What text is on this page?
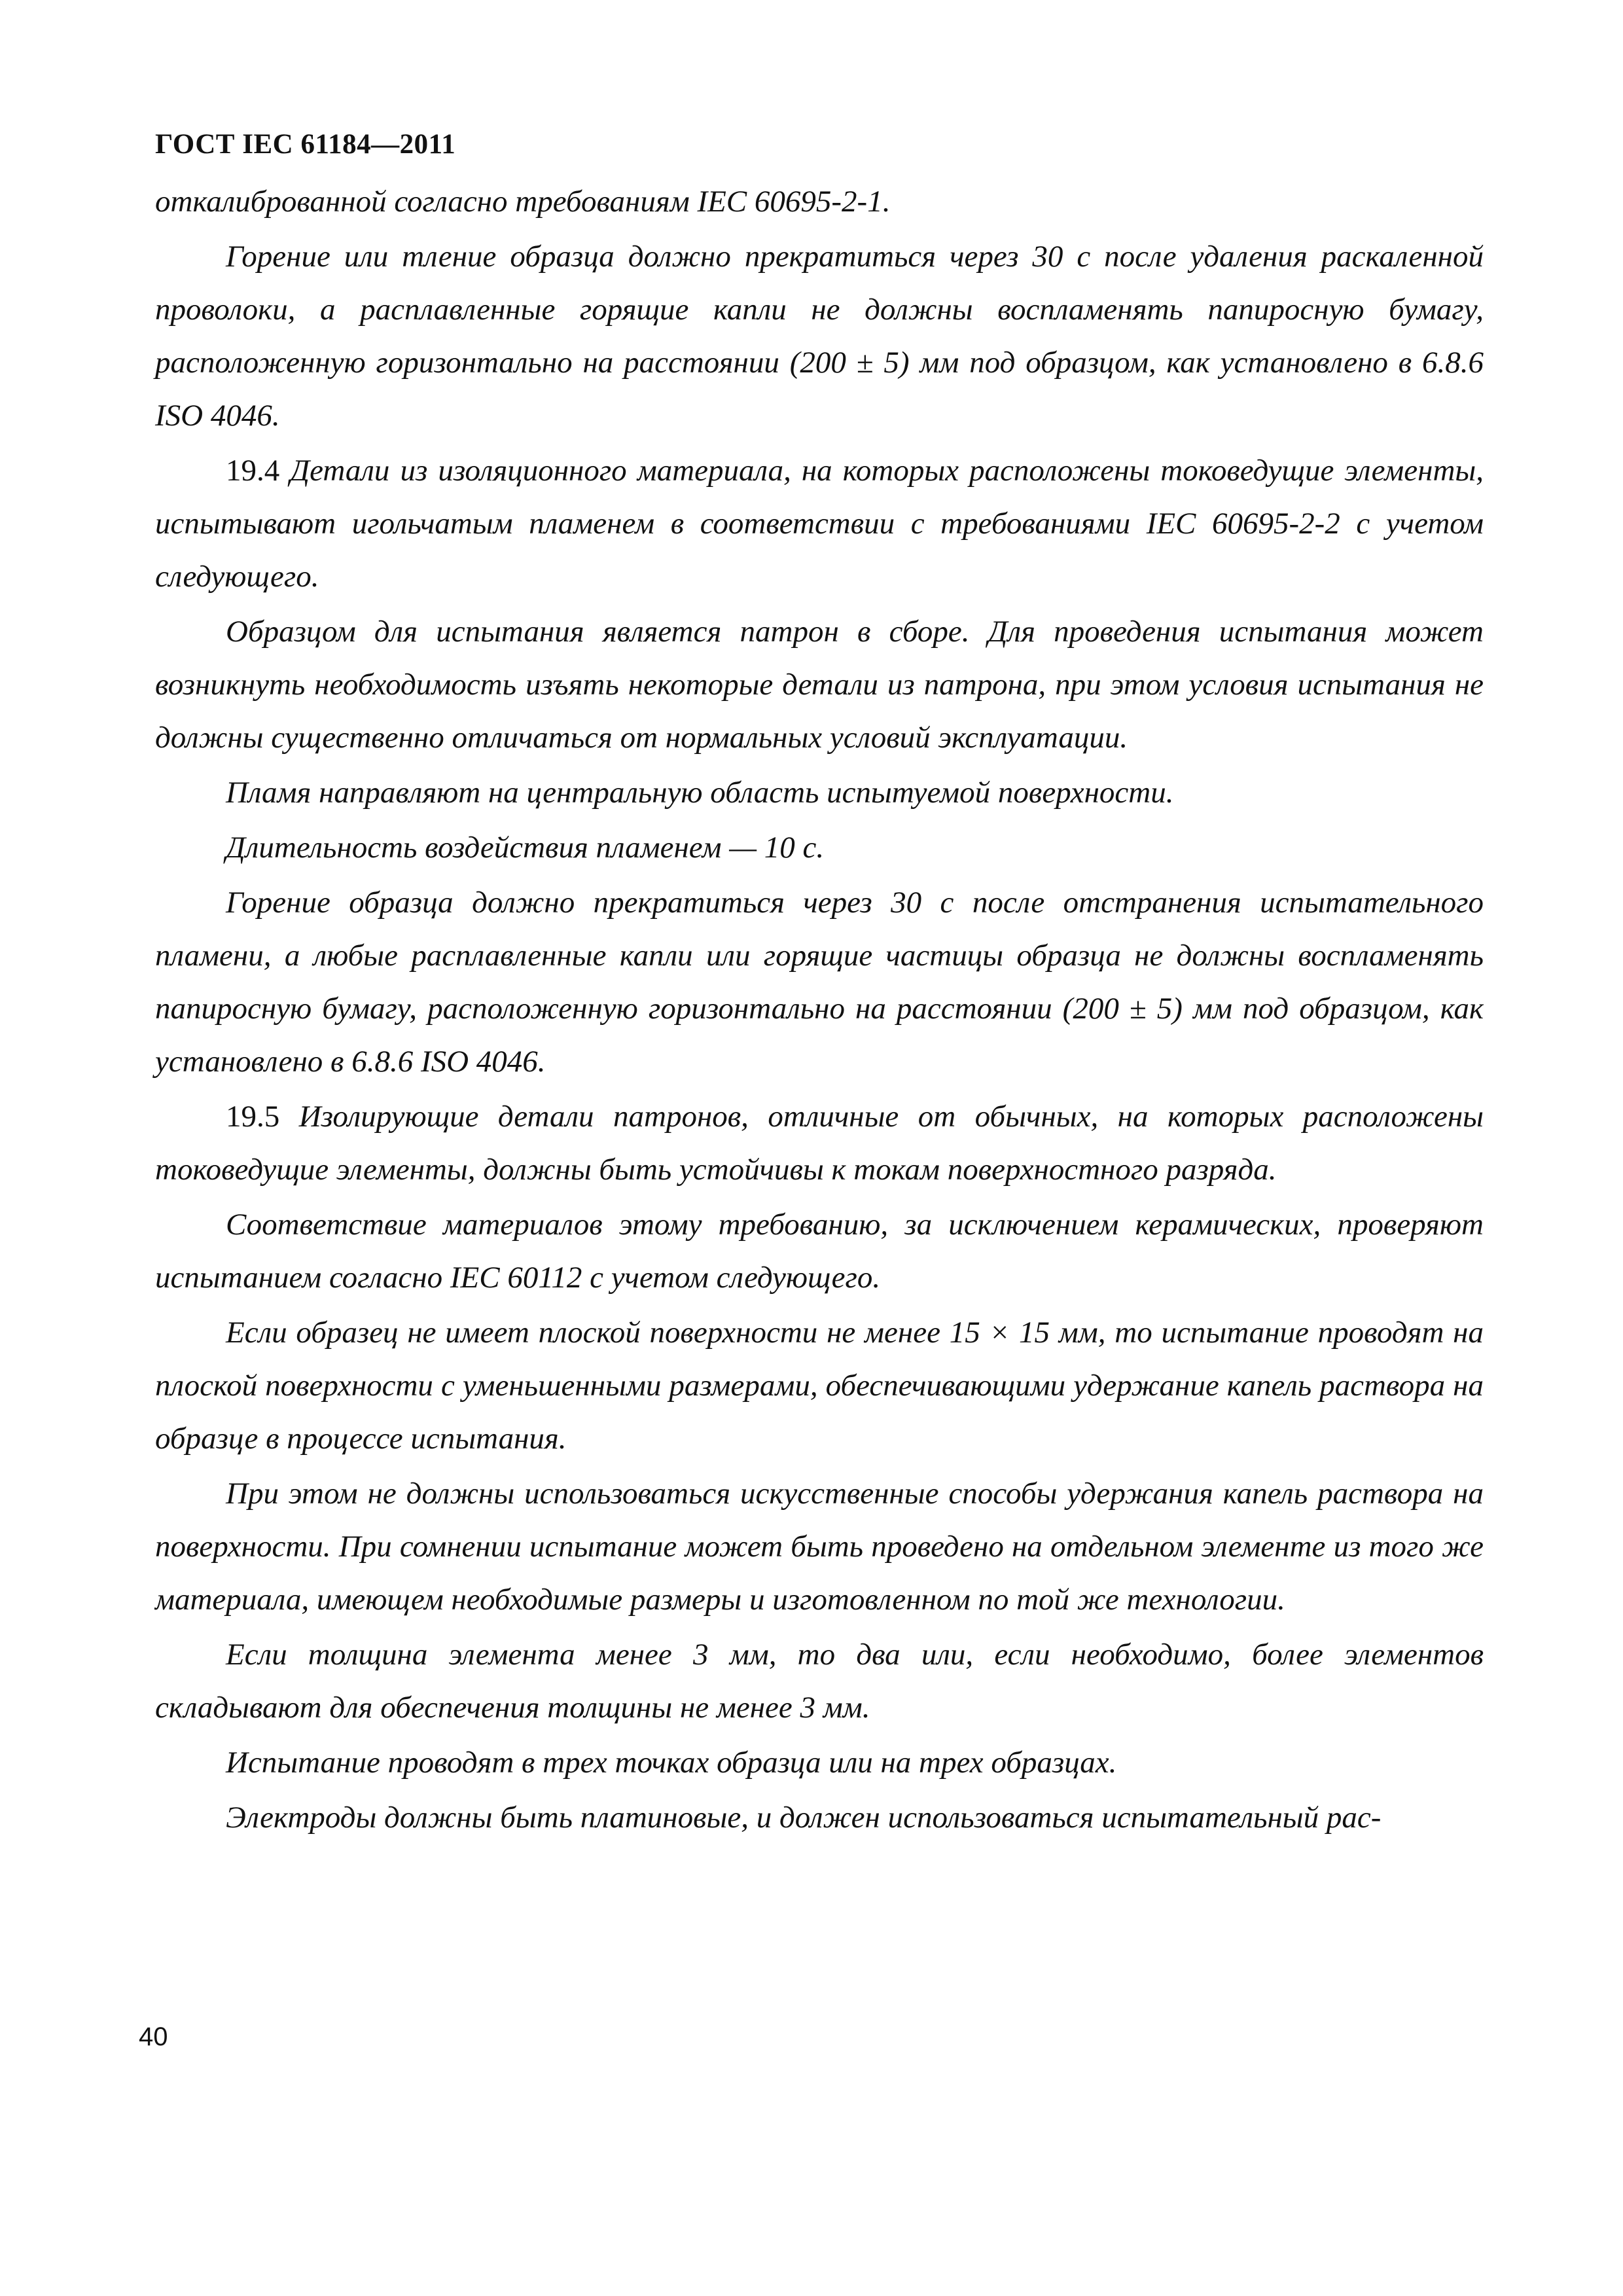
ГОСТ IEC 61184—2011

откалиброванной согласно требованиям IEC 60695-2-1.

Горение или тление образца должно прекратиться через 30 с после удаления раскаленной проволоки, а расплавленные горящие капли не должны воспламенять папиросную бумагу, расположенную горизонтально на расстоянии (200 ± 5) мм под образцом, как установлено в 6.8.6 ISO 4046.

19.4 Детали из изоляционного материала, на которых расположены токоведущие элементы, испытывают игольчатым пламенем в соответствии с требованиями IEC 60695-2-2 с учетом следующего.

Образцом для испытания является патрон в сборе. Для проведения испытания может возникнуть необходимость изъять некоторые детали из патрона, при этом условия испытания не должны существенно отличаться от нормальных условий эксплуатации.

Пламя направляют на центральную область испытуемой поверхности.

Длительность воздействия пламенем — 10 с.

Горение образца должно прекратиться через 30 с после отстранения испытательного пламени, а любые расплавленные капли или горящие частицы образца не должны воспламенять папиросную бумагу, расположенную горизонтально на расстоянии (200 ± 5) мм под образцом, как установлено в 6.8.6 ISO 4046.

19.5 Изолирующие детали патронов, отличные от обычных, на которых расположены токоведущие элементы, должны быть устойчивы к токам поверхностного разряда.

Соответствие материалов этому требованию, за исключением керамических, проверяют испытанием согласно IEC 60112 с учетом следующего.

Если образец не имеет плоской поверхности не менее 15 × 15 мм, то испытание проводят на плоской поверхности с уменьшенными размерами, обеспечивающими удержание капель раствора на образце в процессе испытания.

При этом не должны использоваться искусственные способы удержания капель раствора на поверхности. При сомнении испытание может быть проведено на отдельном элементе из того же материала, имеющем необходимые размеры и изготовленном по той же технологии.

Если толщина элемента менее 3 мм, то два или, если необходимо, более элементов складывают для обеспечения толщины не менее 3 мм.

Испытание проводят в трех точках образца или на трех образцах.

Электроды должны быть платиновые, и должен использоваться испытательный рас-

40
